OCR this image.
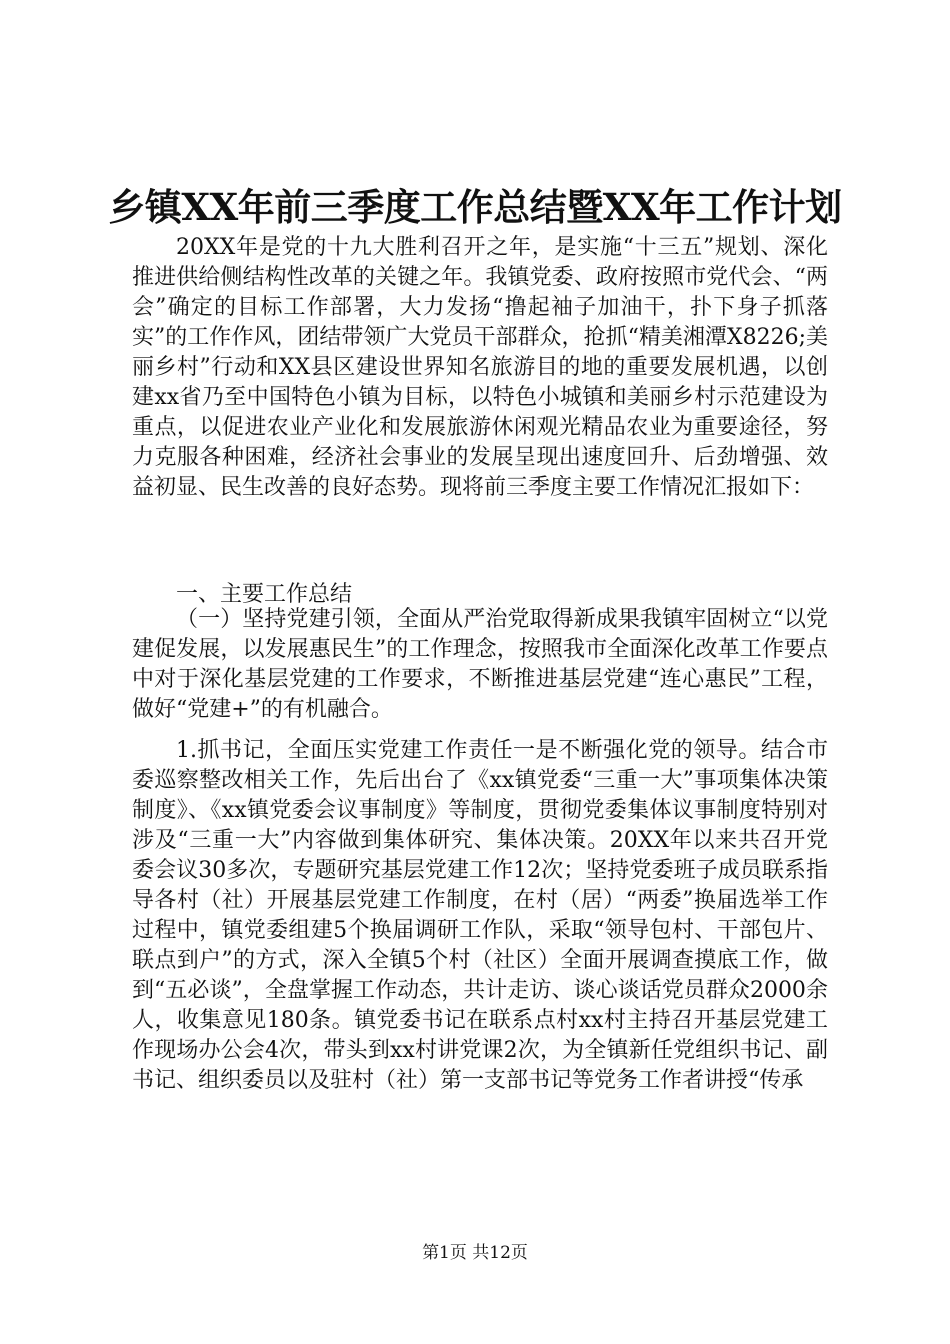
乡镇XX年前三季度工作总结暨XX年工作计划

20XX年是党的十九大胜利召开之年，是实施“十三五”规划、深化推进供给侧结构性改革的关键之年。我镇党委、政府按照市党代会、“两会”确定的目标工作部署，大力发扬“撸起袖子加油干，扑下身子抓落实”的工作作风，团结带领广大党员干部群众，抢抓“精美湘潭X8226;美丽乡村”行动和XX县区建设世界知名旅游目的地的重要发展机遇，以创建xx省乃至中国特色小镇为目标，以特色小城镇和美丽乡村示范建设为重点，以促进农业产业化和发展旅游休闲观光精品农业为重要途径，努力克服各种困难，经济社会事业的发展呈现出速度回升、后劲增强、效益初显、民生改善的良好态势。现将前三季度主要工作情况汇报如下：

一、主要工作总结

（一）坚持党建引领，全面从严治党取得新成果我镇牢固树立“以党建促发展，以发展惠民生”的工作理念，按照我市全面深化改革工作要点中对于深化基层党建的工作要求，不断推进基层党建“连心惠民”工程，做好“党建+”的有机融合。

1.抓书记，全面压实党建工作责任一是不断强化党的领导。结合市委巡察整改相关工作，先后出台了《xx镇党委“三重一大”事项集体决策制度》、《xx镇党委会议事制度》等制度，贯彻党委集体议事制度特别对涉及“三重一大”内容做到集体研究、集体决策。20XX年以来共召开党委会议30多次，专题研究基层党建工作12次；坚持党委班子成员联系指导各村（社）开展基层党建工作制度，在村（居）“两委”换届选举工作过程中，镇党委组建5个换届调研工作队，采取“领导包村、干部包片、联点到户”的方式，深入全镇5个村（社区）全面开展调查摸底工作，做到“五必谈”，全盘掌握工作动态，共计走访、谈心谈话党员群众2000余人，收集意见180条。镇党委书记在联系点村xx村主持召开基层党建工作现场办公会4次，带头到xx村讲党课2次，为全镇新任党组织书记、副书记、组织委员以及驻村（社）第一支部书记等党务工作者讲授“传承

第1页 共12页
